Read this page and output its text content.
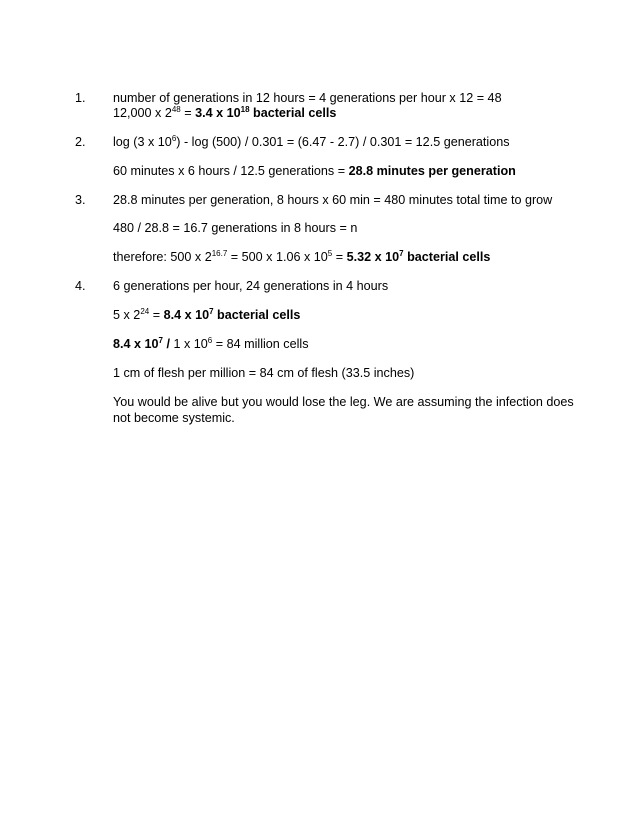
1. number of generations in 12 hours = 4 generations per hour x 12 = 48
12,000 x $2^{48} = 3.4$ x $10^{18}$ bacterial cells
2. log (3 x $10^6) - \log (500) / 0.301 = (6.47 - 2.7) / 0.301 = 12.5$ generations
60 minutes x 6 hours / 12.5 generations = 28.8 minutes per generation
3. 28.8 minutes per generation, 8 hours x 60 min = 480 minutes total time to grow
480 / 28.8 = 16.7 generations in 8 hours = n
therefore: 500 x $2^{16.7} = 500$ x 1.06 x $10^5 = 5.32$ x $10^7$ bacterial cells
4. 6 generations per hour, 24 generations in 4 hours
5 x $2^{24} = 8.4$ x $10^7$ bacterial cells
8.4 x $10^7 / 1$ x $10^6 = 84$ million cells
1 cm of flesh per million = 84 cm of flesh (33.5 inches)
You would be alive but you would lose the leg. We are assuming the infection does not become systemic.
